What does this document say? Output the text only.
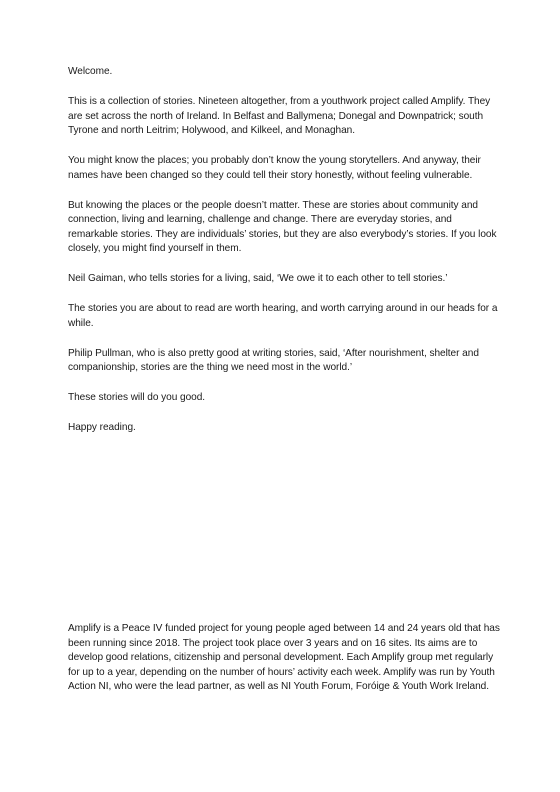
Welcome.

This is a collection of stories. Nineteen altogether, from a youthwork project called Amplify. They are set across the north of Ireland. In Belfast and Ballymena; Donegal and Downpatrick; south Tyrone and north Leitrim; Holywood, and Kilkeel, and Monaghan.

You might know the places; you probably don’t know the young storytellers. And anyway, their names have been changed so they could tell their story honestly, without feeling vulnerable.

But knowing the places or the people doesn’t matter. These are stories about community and connection, living and learning, challenge and change. There are everyday stories, and remarkable stories. They are individuals’ stories, but they are also everybody’s stories. If you look closely, you might find yourself in them.

Neil Gaiman, who tells stories for a living, said, ‘We owe it to each other to tell stories.’

The stories you are about to read are worth hearing, and worth carrying around in our heads for a while.

Philip Pullman, who is also pretty good at writing stories, said, ‘After nourishment, shelter and companionship, stories are the thing we need most in the world.’

These stories will do you good.

Happy reading.

Amplify is a Peace IV funded project for young people aged between 14 and 24 years old that has been running since 2018. The project took place over 3 years and on 16 sites. Its aims are to develop good relations, citizenship and personal development. Each Amplify group met regularly for up to a year, depending on the number of hours’ activity each week. Amplify was run by Youth Action NI, who were the lead partner, as well as NI Youth Forum, Foróige & Youth Work Ireland.
